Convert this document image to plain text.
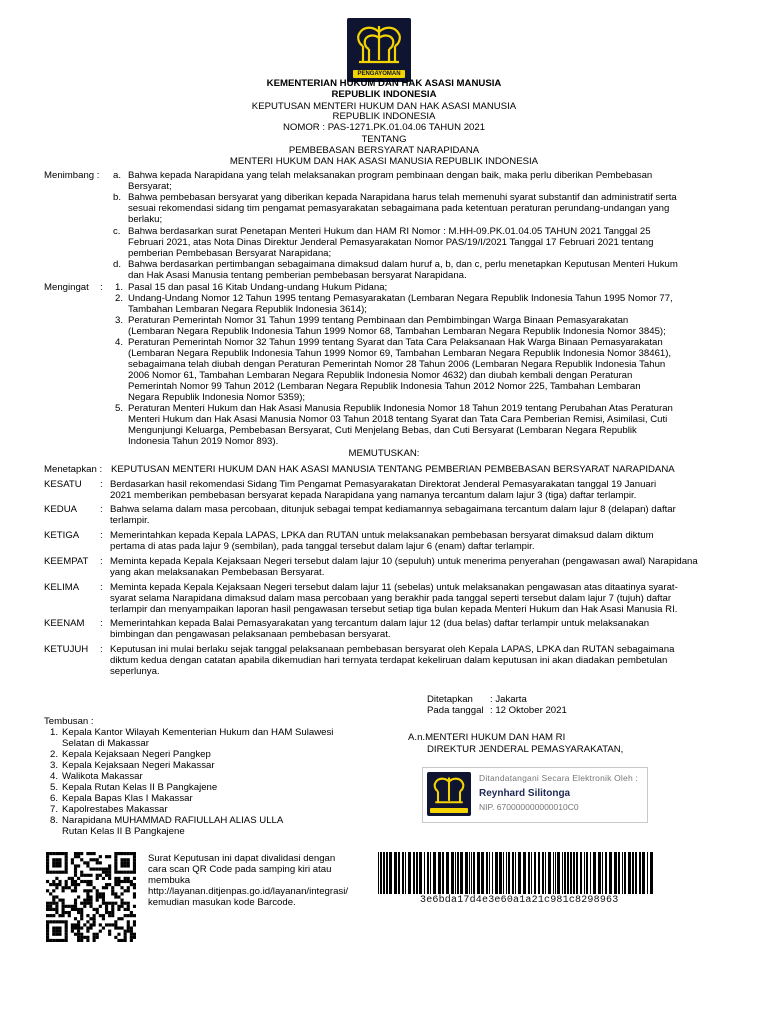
PENGAYOMAN
KEMENTERIAN HUKUM DAN HAK ASASI MANUSIA
REPUBLIK INDONESIA
KEPUTUSAN MENTERI HUKUM DAN HAK ASASI MANUSIA
REPUBLIK INDONESIA
NOMOR : PAS-1271.PK.01.04.06 TAHUN 2021
TENTANG
PEMBEBASAN BERSYARAT NARAPIDANA
MENTERI HUKUM DAN HAK ASASI MANUSIA REPUBLIK INDONESIA
Menimbang : a. Bahwa kepada Narapidana yang telah melaksanakan program pembinaan dengan baik, maka perlu diberikan Pembebasan
Bersyarat;
b. Bahwa pembebasan bersyarat yang diberikan kepada Narapidana harus telah memenuhi syarat substantif dan administratif serta
sesuai rekomendasi sidang tim pengamat pemasyarakatan sebagaimana pada ketentuan peraturan perundang-undangan yang
berlaku;
c. Bahwa berdasarkan surat Penetapan Menteri Hukum dan HAM RI Nomor : M.HH-09.PK.01.04.05 TAHUN 2021 Tanggal 25
Februari 2021, atas Nota Dinas Direktur Jenderal Pemasyarakatan Nomor PAS/19/I/2021 Tanggal 17 Februari 2021 tentang
pemberian Pembebasan Bersyarat Narapidana;
d. Bahwa berdasarkan pertimbangan sebagaimana dimaksud dalam huruf a, b, dan c, perlu menetapkan Keputusan Menteri Hukum
dan Hak Asasi Manusia tentang pemberian pembebasan bersyarat Narapidana.
Mengingat : 1. Pasal 15 dan pasal 16 Kitab Undang-undang Hukum Pidana;
2. Undang-Undang Nomor 12 Tahun 1995 tentang Pemasyarakatan (Lembaran Negara Republik Indonesia Tahun 1995 Nomor 77,
Tambahan Lembaran Negara Republik Indonesia 3614);
3. Peraturan Pemerintah Nomor 31 Tahun 1999 tentang Pembinaan dan Pembimbingan Warga Binaan Pemasyarakatan
(Lembaran Negara Republik Indonesia Tahun 1999 Nomor 68, Tambahan Lembaran Negara Republik Indonesia Nomor 3845);
4. Peraturan Pemerintah Nomor 32 Tahun 1999 tentang Syarat dan Tata Cara Pelaksanaan Hak Warga Binaan Pemasyarakatan
(Lembaran Negara Republik Indonesia Tahun 1999 Nomor 69, Tambahan Lembaran Negara Republik Indonesia Nomor 38461),
sebagaimana telah diubah dengan Peraturan Pemerintah Nomor 28 Tahun 2006 (Lembaran Negara Republik Indonesia Tahun
2006 Nomor 61, Tambahan Lembaran Negara Republik Indonesia Nomor 4632) dan diubah kembali dengan Peraturan
Pemerintah Nomor 99 Tahun 2012 (Lembaran Negara Republik Indonesia Tahun 2012 Nomor 225, Tambahan Lembaran
Negara Republik Indonesia Nomor 5359);
5. Peraturan Menteri Hukum dan Hak Asasi Manusia Republik Indonesia Nomor 18 Tahun 2019 tentang Perubahan Atas Peraturan
Menteri Hukum dan Hak Asasi Manusia Nomor 03 Tahun 2018 tentang Syarat dan Tata Cara Pemberian Remisi, Asimilasi, Cuti
Mengunjungi Keluarga, Pembebasan Bersyarat, Cuti Menjelang Bebas, dan Cuti Bersyarat (Lembaran Negara Republik
Indonesia Tahun 2019 Nomor 893).
MEMUTUSKAN:
Menetapkan : KEPUTUSAN MENTERI HUKUM DAN HAK ASASI MANUSIA TENTANG PEMBERIAN PEMBEBASAN BERSYARAT NARAPIDANA
KESATU : Berdasarkan hasil rekomendasi Sidang Tim Pengamat Pemasyarakatan Direktorat Jenderal Pemasyarakatan tanggal 19 Januari
2021 memberikan pembebasan bersyarat kepada Narapidana yang namanya tercantum dalam lajur 3 (tiga) daftar terlampir.
KEDUA : Bahwa selama dalam masa percobaan, ditunjuk sebagai tempat kediamannya sebagaimana tercantum dalam lajur 8 (delapan) daftar
terlampir.
KETIGA : Memerintahkan kepada Kepala LAPAS, LPKA dan RUTAN untuk melaksanakan pembebasan bersyarat dimaksud dalam diktum
pertama di atas pada lajur 9 (sembilan), pada tanggal tersebut dalam lajur 6 (enam) daftar terlampir.
KEEMPAT : Meminta kepada Kepala Kejaksaan Negeri tersebut dalam lajur 10 (sepuluh) untuk menerima penyerahan (pengawasan awal) Narapidana
yang akan melaksanakan Pembebasan Bersyarat.
KELIMA : Meminta kepada Kepala Kejaksaan Negeri tersebut dalam lajur 11 (sebelas) untuk melaksanakan pengawasan atas ditaatinya syarat-
syarat selama Narapidana dimaksud dalam masa percobaan yang berakhir pada tanggal seperti tersebut dalam lajur 7 (tujuh) daftar
terlampir dan menyampaikan laporan hasil pengawasan tersebut setiap tiga bulan kepada Menteri Hukum dan Hak Asasi Manusia RI.
KEENAM : Memerintahkan kepada Balai Pemasyarakatan yang tercantum dalam lajur 12 (dua belas) daftar terlampir untuk melaksanakan
bimbingan dan pengawasan pelaksanaan pembebasan bersyarat.
KETUJUH : Keputusan ini mulai berlaku sejak tanggal pelaksanaan pembebasan bersyarat oleh Kepala LAPAS, LPKA dan RUTAN sebagaimana
diktum kedua dengan catatan apabila dikemudian hari ternyata terdapat kekeliruan dalam keputusan ini akan diadakan pembetulan
seperlunya.
Ditetapkan : Jakarta
Pada tanggal : 12 Oktober 2021
Tembusan :
1. Kepala Kantor Wilayah Kementerian Hukum dan HAM Sulawesi
Selatan di Makassar
2. Kepala Kejaksaan Negeri Pangkep
3. Kepala Kejaksaan Negeri Makassar
4. Walikota Makassar
5. Kepala Rutan Kelas II B Pangkajene
6. Kepala Bapas Klas I Makassar
7. Kapolrestabes Makassar
8. Narapidana MUHAMMAD RAFIULLAH ALIAS ULLA
Rutan Kelas II B Pangkajene
A.n.MENTERI HUKUM DAN HAM RI
DIREKTUR JENDERAL PEMASYARAKATAN,
Ditandatangani Secara Elektronik Oleh :
Reynhard Silitonga
NIP. 670000000000010C0
Surat Keputusan ini dapat divalidasi dengan
cara scan QR Code pada samping kiri atau
membuka
http://layanan.ditjenpas.go.id/layanan/integrasi/
kemudian masukan kode Barcode.	3e6bda17d4e3e60a1a21c981c8298963
